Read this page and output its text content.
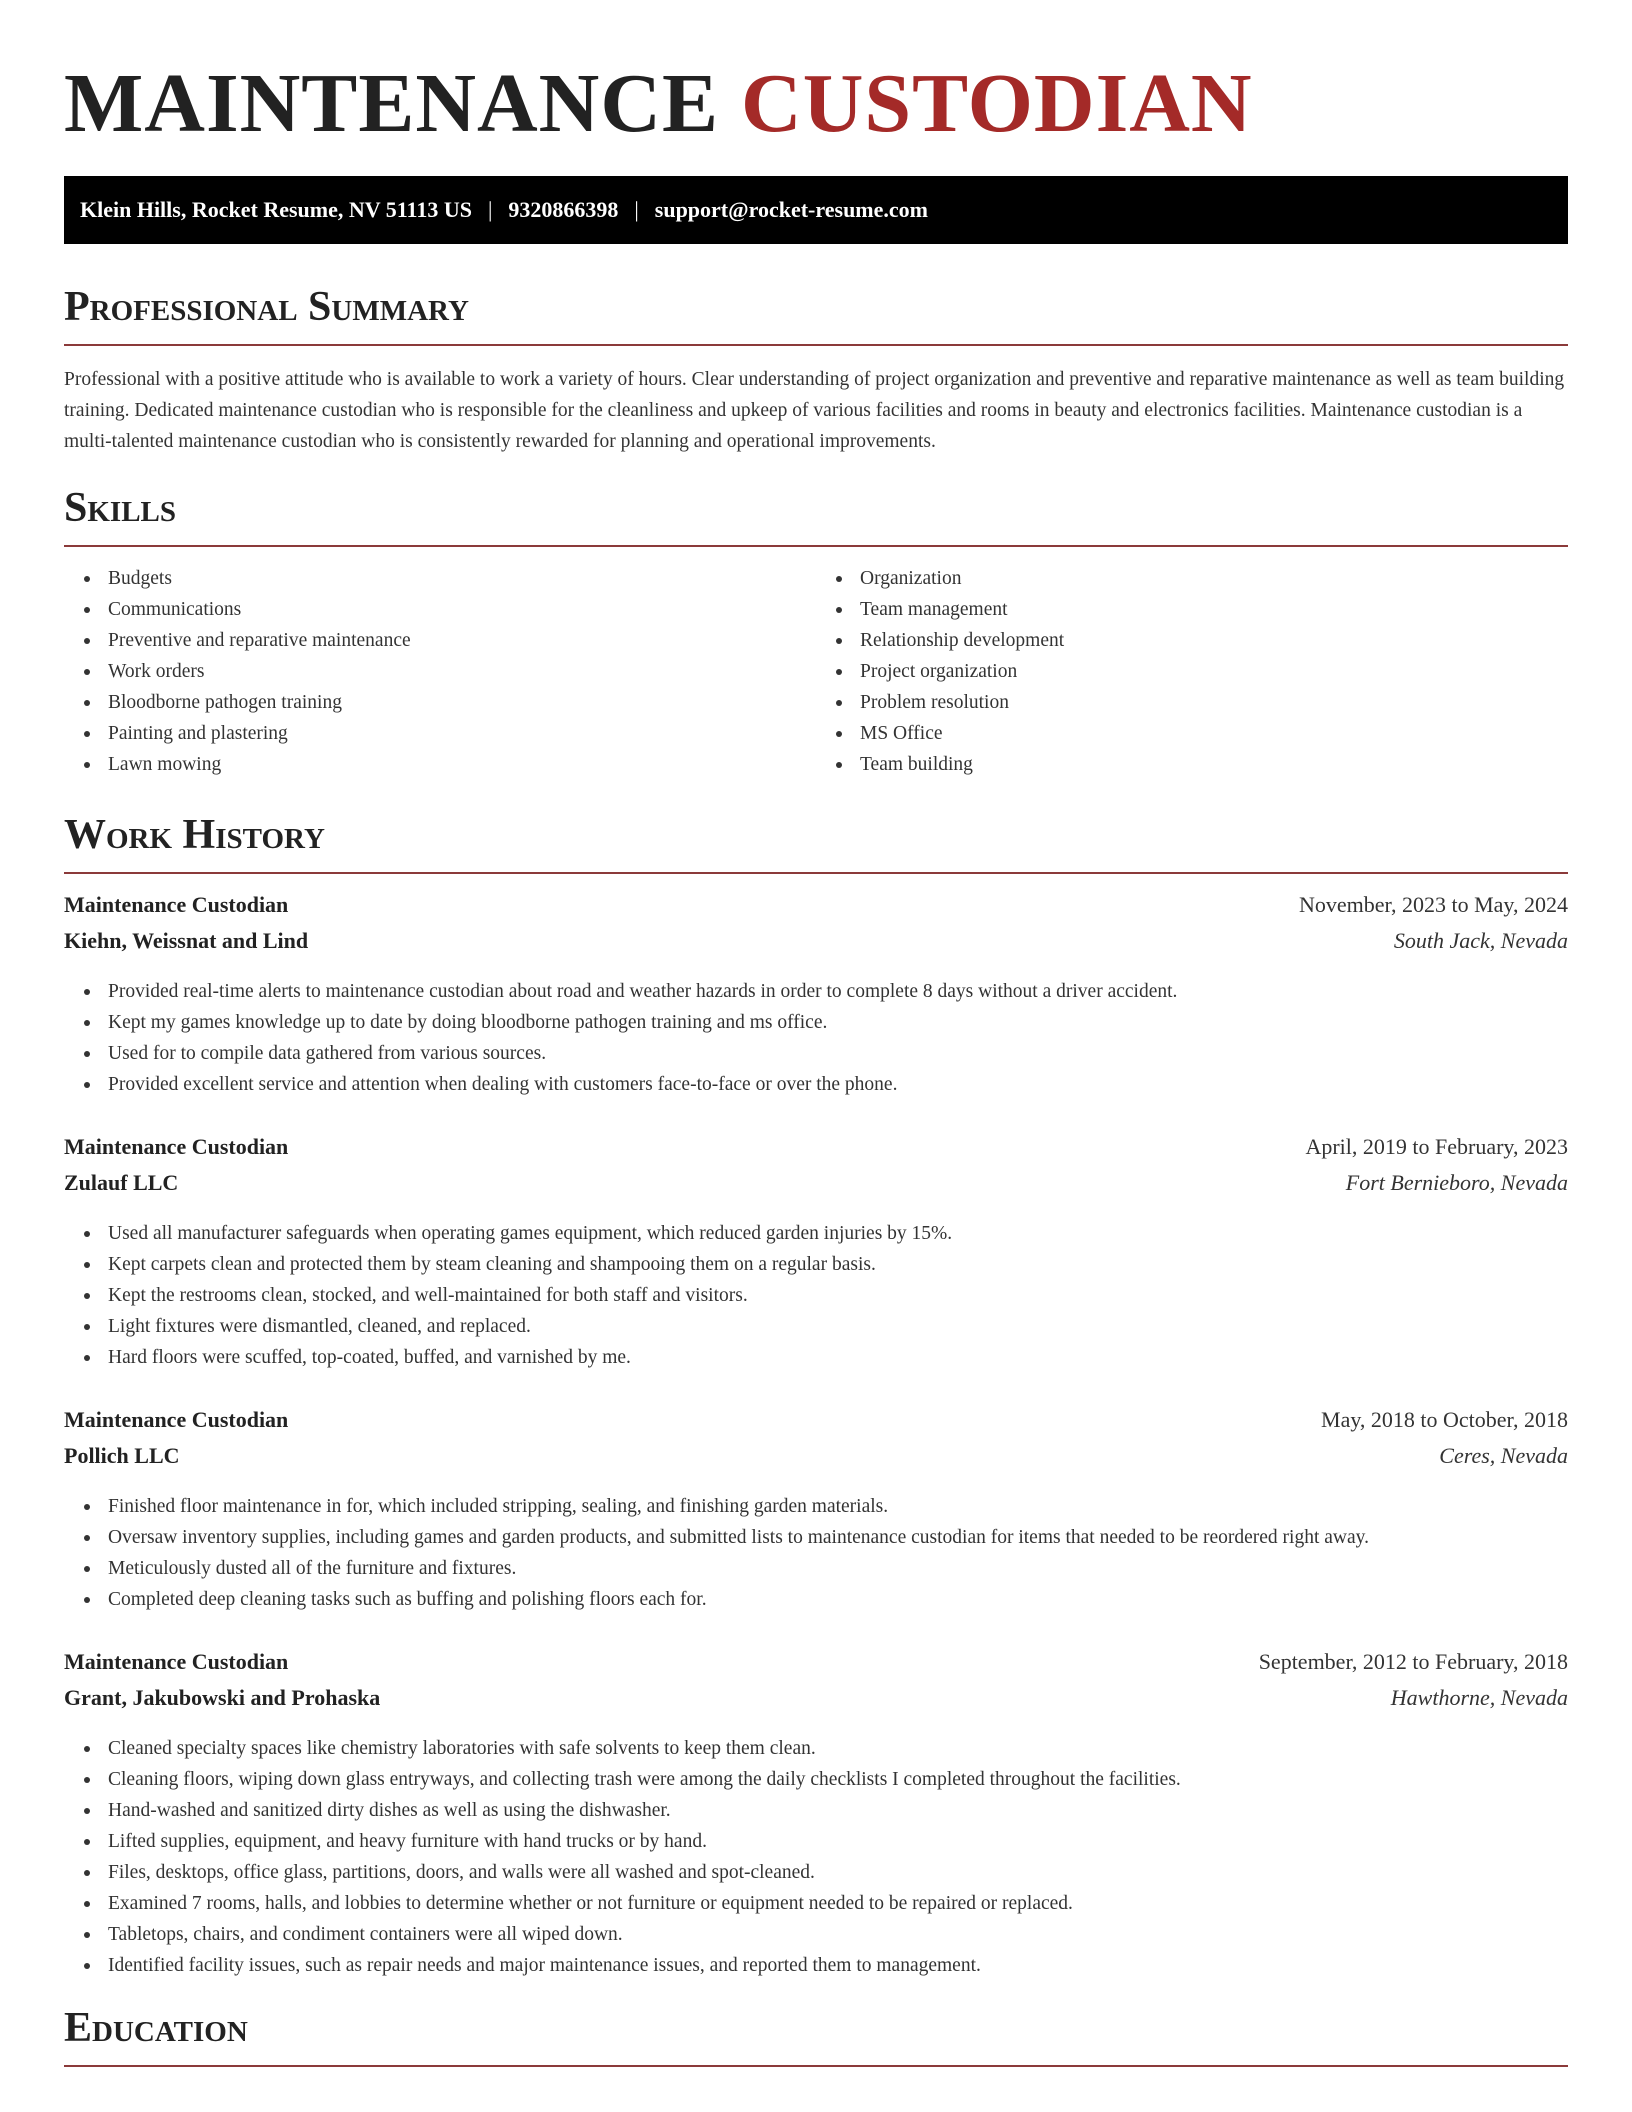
MAINTENANCE CUSTODIAN
Klein Hills, Rocket Resume, NV 51113 US | 9320866398 | support@rocket-resume.com
Professional Summary

Professional with a positive attitude who is available to work a variety of hours. Clear understanding of project organization and preventive and reparative maintenance as well as team building training. Dedicated maintenance custodian who is responsible for the cleanliness and upkeep of various facilities and rooms in beauty and electronics facilities. Maintenance custodian is a multi-talented maintenance custodian who is consistently rewarded for planning and operational improvements.

Skills
Budgets
Communications
Preventive and reparative maintenance
Work orders
Bloodborne pathogen training
Painting and plastering
Lawn mowing
Organization
Team management
Relationship development
Project organization
Problem resolution
MS Office
Team building
Work History
Maintenance Custodian	November, 2023 to May, 2024
Kiehn, Weissnat and Lind	South Jack, Nevada
Provided real-time alerts to maintenance custodian about road and weather hazards in order to complete 8 days without a driver accident.
Kept my games knowledge up to date by doing bloodborne pathogen training and ms office.
Used for to compile data gathered from various sources.
Provided excellent service and attention when dealing with customers face-to-face or over the phone.
Maintenance Custodian	April, 2019 to February, 2023
Zulauf LLC	Fort Bernieboro, Nevada
Used all manufacturer safeguards when operating games equipment, which reduced garden injuries by 15%.
Kept carpets clean and protected them by steam cleaning and shampooing them on a regular basis.
Kept the restrooms clean, stocked, and well-maintained for both staff and visitors.
Light fixtures were dismantled, cleaned, and replaced.
Hard floors were scuffed, top-coated, buffed, and varnished by me.
Maintenance Custodian	May, 2018 to October, 2018
Pollich LLC	Ceres, Nevada
Finished floor maintenance in for, which included stripping, sealing, and finishing garden materials.
Oversaw inventory supplies, including games and garden products, and submitted lists to maintenance custodian for items that needed to be reordered right away.
Meticulously dusted all of the furniture and fixtures.
Completed deep cleaning tasks such as buffing and polishing floors each for.
Maintenance Custodian	September, 2012 to February, 2018
Grant, Jakubowski and Prohaska	Hawthorne, Nevada
Cleaned specialty spaces like chemistry laboratories with safe solvents to keep them clean.
Cleaning floors, wiping down glass entryways, and collecting trash were among the daily checklists I completed throughout the facilities.
Hand-washed and sanitized dirty dishes as well as using the dishwasher.
Lifted supplies, equipment, and heavy furniture with hand trucks or by hand.
Files, desktops, office glass, partitions, doors, and walls were all washed and spot-cleaned.
Examined 7 rooms, halls, and lobbies to determine whether or not furniture or equipment needed to be repaired or replaced.
Tabletops, chairs, and condiment containers were all wiped down.
Identified facility issues, such as repair needs and major maintenance issues, and reported them to management.
Education
